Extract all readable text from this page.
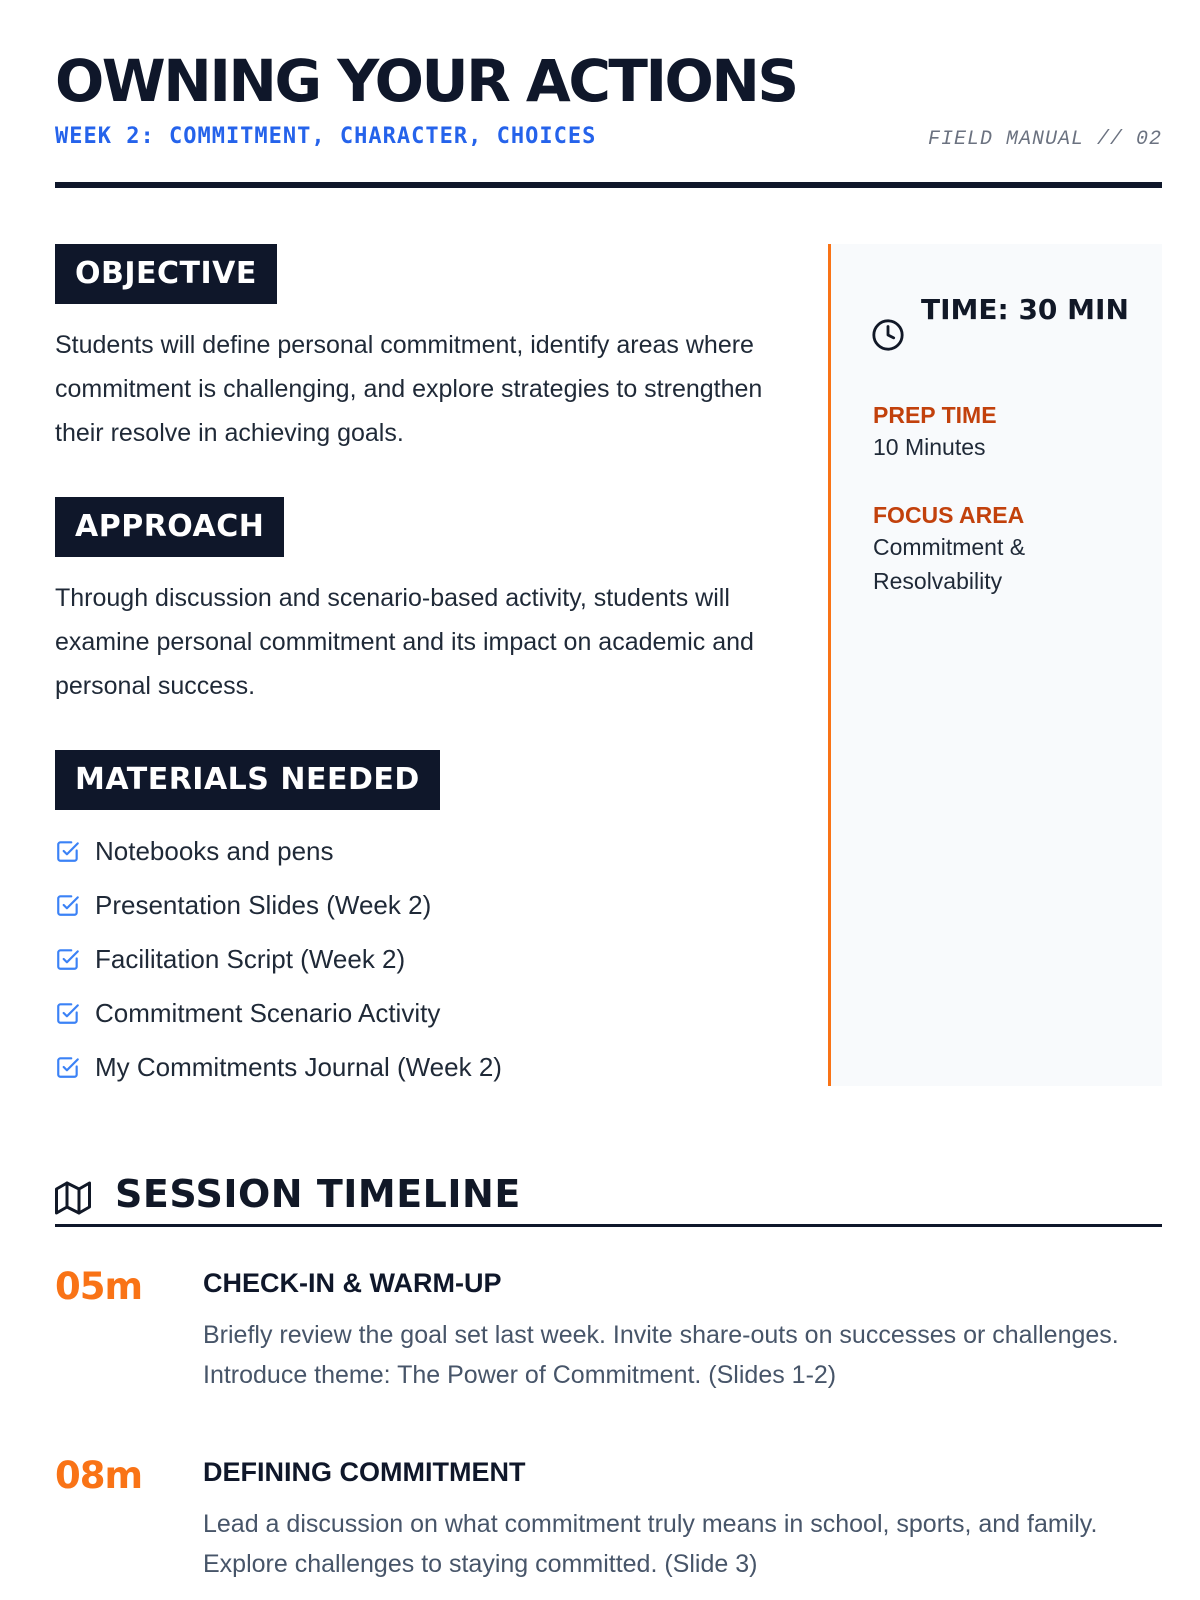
OWNING YOUR ACTIONS
WEEK 2: COMMITMENT, CHARACTER, CHOICES	FIELD MANUAL // 02
OBJECTIVE

Students will define personal commitment, identify areas where commitment is challenging, and explore strategies to strengthen their resolve in achieving goals.

APPROACH

Through discussion and scenario-based activity, students will examine personal commitment and its impact on academic and personal success.

MATERIALS NEEDED
Notebooks and pens
Presentation Slides (Week 2)
Facilitation Script (Week 2)
Commitment Scenario Activity
My Commitments Journal (Week 2)
TIME: 30 MIN
PREP TIME
10 Minutes
FOCUS AREA
Commitment & Resolvability
SESSION TIMELINE
05m CHECK-IN & WARM-UP

Briefly review the goal set last week. Invite share-outs on successes or challenges. Introduce theme: The Power of Commitment. (Slides 1-2)

08m DEFINING COMMITMENT

Lead a discussion on what commitment truly means in school, sports, and family. Explore challenges to staying committed. (Slide 3)
